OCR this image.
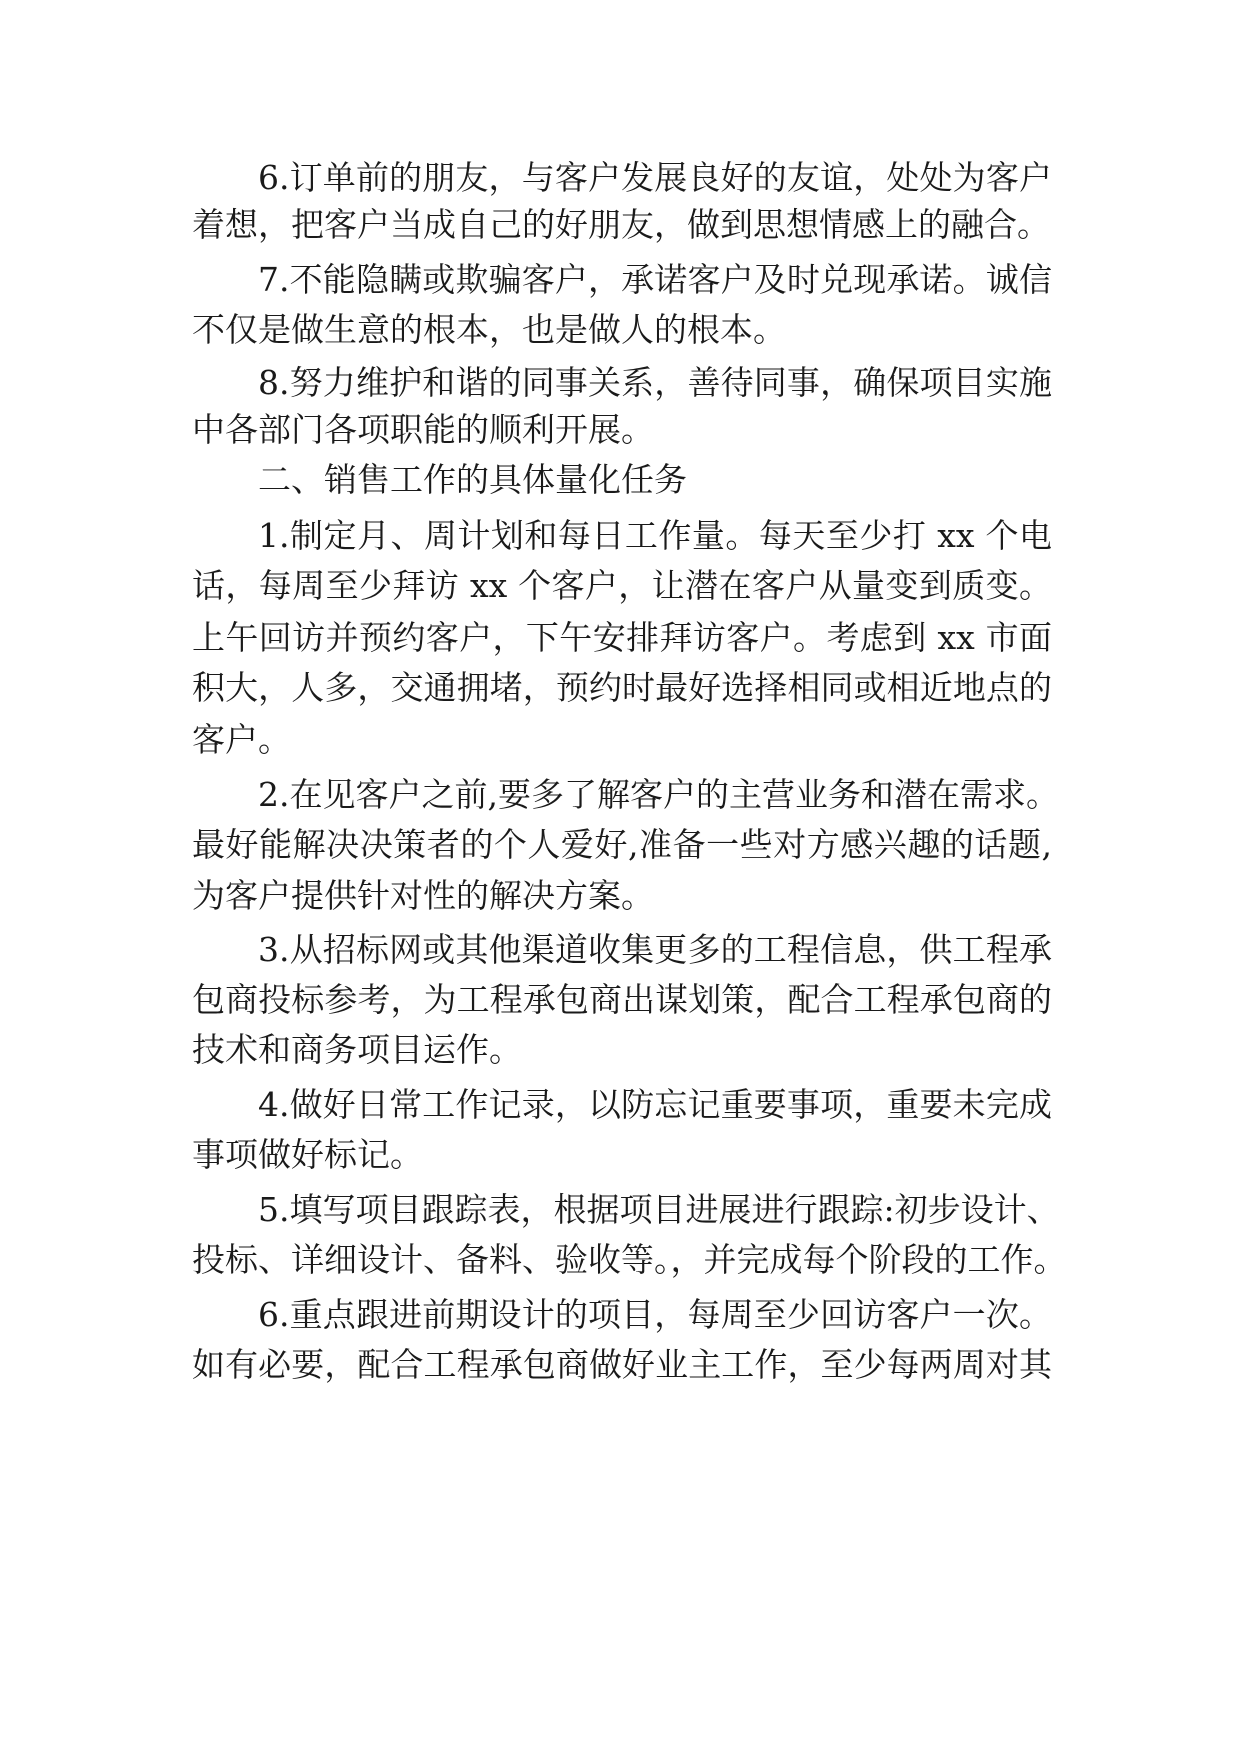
6.订单前的朋友，与客户发展良好的友谊，处处为客户
着想，把客户当成自己的好朋友，做到思想情感上的融合。
7.不能隐瞒或欺骗客户，承诺客户及时兑现承诺。诚信
不仅是做生意的根本，也是做人的根本。
8.努力维护和谐的同事关系，善待同事，确保项目实施
中各部门各项职能的顺利开展。
二、销售工作的具体量化任务
1.制定月、周计划和每日工作量。每天至少打 xx 个电
话，每周至少拜访 xx 个客户，让潜在客户从量变到质变。
上午回访并预约客户，下午安排拜访客户。考虑到 xx 市面
积大，人多，交通拥堵，预约时最好选择相同或相近地点的
客户。
2.在见客户之前,要多了解客户的主营业务和潜在需求。
最好能解决决策者的个人爱好,准备一些对方感兴趣的话题,
为客户提供针对性的解决方案。
3.从招标网或其他渠道收集更多的工程信息，供工程承
包商投标参考，为工程承包商出谋划策，配合工程承包商的
技术和商务项目运作。
4.做好日常工作记录，以防忘记重要事项，重要未完成
事项做好标记。
5.填写项目跟踪表，根据项目进展进行跟踪:初步设计、
投标、详细设计、备料、验收等。，并完成每个阶段的工作。
6.重点跟进前期设计的项目，每周至少回访客户一次。
如有必要，配合工程承包商做好业主工作，至少每两周对其
